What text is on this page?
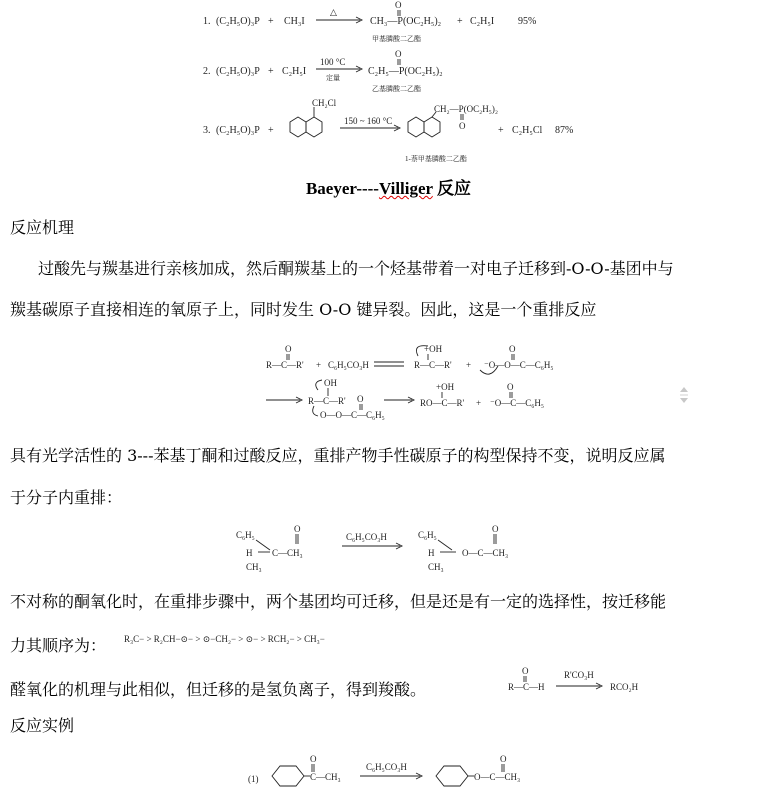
1. (C₂H₅O)₃P + CH₃I
△
O
CH₃—P(OC₂H₅)₂ + C₂H₅I 95%
甲基膦酸二乙酯
2. (C₂H₅O)₃P + C₂H₅I
100 °C
定量
O
C₂H₅—P(OC₂H₅)₂
乙基膦酸二乙酯
3. (C₂H₅O)₃P +
CH₂Cl
150 ~ 160 °C
CH₂—P(OC₂H₅)₂
O	+ C₂H₅Cl 87%
1-萘甲基膦酸二乙酯
Baeyer----Villiger 反应
反应机理
过酸先与羰基进行亲核加成，然后酮羰基上的一个烃基带着一对电子迁移到-O-O-基团中与
羰基碳原子直接相连的氧原子上，同时发生 O-O 键异裂。因此，这是一个重排反应
O
R—C—R' + C₆H₅CO₃H
+OH
R—C—R' + ⁻O—O—C—C₆H₅
O
OH
R—C—R'
O—O—C—C₆H₅
O
+OH
RO—C—R' + ⁻O—C—C₆H₅
O
具有光学活性的 3---苯基丁酮和过酸反应，重排产物手性碳原子的构型保持不变，说明反应属
于分子内重排：
C₆H₅
H
CH₃
C—CH₃
O
C₆H₅CO₃H	C₆H₅
H
CH₃
O—C—CH₃
O
不对称的酮氧化时，在重排步骤中，两个基团均可迁移，但是还是有一定的选择性，按迁移能
力其顺序为： R₃C− > R₂CH−⊙− > ⊙−CH₂− > ⊙− > RCH₂− > CH₃−
醛氧化的机理与此相似，但迁移的是氢负离子，得到羧酸。
O
R—C—H
R'CO₃H
RCO₂H
反应实例
(1)	C—CH₃
O
C₆H₅CO₃H
O—C—CH₃
O
